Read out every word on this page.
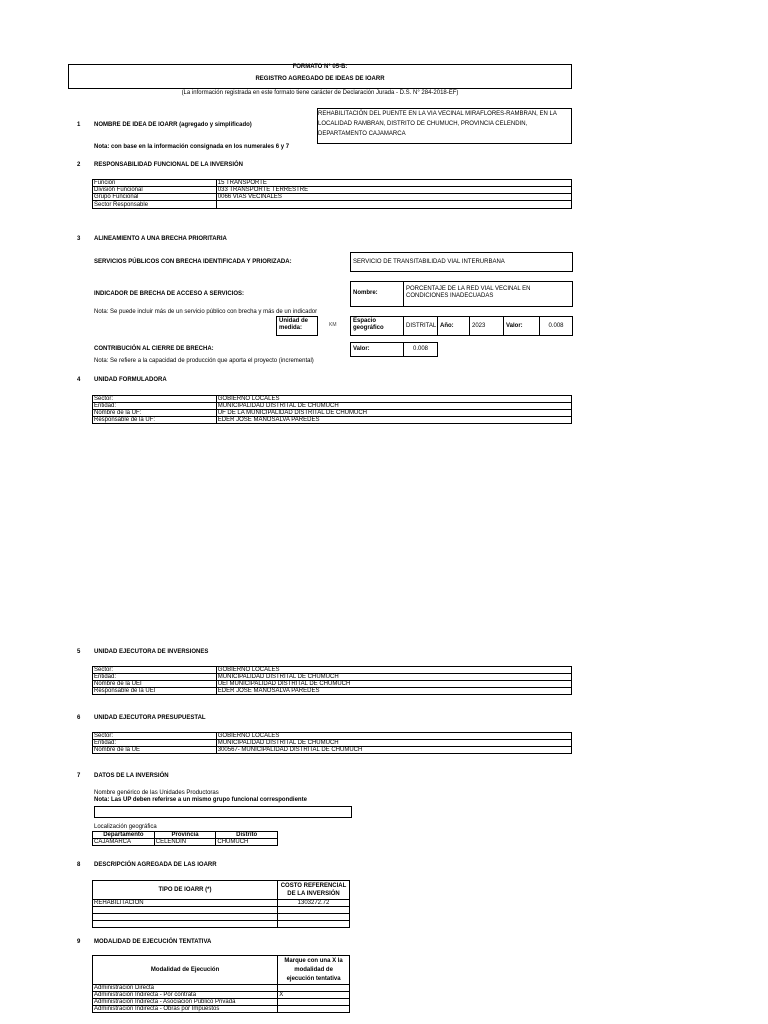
FORMATO N° 05-B:
REGISTRO AGREGADO DE IDEAS DE IOARR
(La información registrada en este formato tiene carácter de Declaración Jurada - D.S. N° 284-2018-EF)
1 NOMBRE DE IDEA DE IOARR (agregado y simplificado)
REHABILITACIÓN DEL PUENTE EN LA VIA VECINAL MIRAFLORES-RAMBRAN, EN LA
LOCALIDAD RAMBRAN, DISTRITO DE CHUMUCH, PROVINCIA CELENDIN,
DEPARTAMENTO CAJAMARCA
Nota: con base en la información consignada en los numerales 6 y 7
2 RESPONSABILIDAD FUNCIONAL DE LA INVERSIÓN
Función	15 TRANSPORTE
División Funcional	033 TRANSPORTE TERRESTRE
Grupo Funcional	0066 VIAS VECINALES
Sector Responsable	
3 ALINEAMIENTO A UNA BRECHA PRIORITARIA
SERVICIOS PÚBLICOS CON BRECHA IDENTIFICADA Y PRIORIZADA:	SERVICIO DE TRANSITABILIDAD VIAL INTERURBANA
INDICADOR DE BRECHA DE ACCESO A SERVICIOS:	Nombre:
PORCENTAJE DE LA RED VIAL VECINAL EN
CONDICIONES INADECUADAS
Nota: Se puede incluir más de un servicio público con brecha y más de un indicador
Unidad de
medida:	KM
Espacio
geográfico	DISTRITAL Año:	2023	Valor:	0.008
CONTRIBUCIÓN AL CIERRE DE BRECHA:	Valor:	0.008
Nota: Se refiere a la capacidad de producción que aporta el proyecto (incremental)
4 UNIDAD FORMULADORA
Sector:	GOBIERNO LOCALES
Entidad:	MUNICIPALIDAD DISTRITAL DE CHUMUCH
Nombre de la UF:	UF DE LA MUNICIPALIDAD DISTRITAL DE CHUMUCH
Responsable de la UF:	EDER JOSE MANOSALVA PAREDES
5 UNIDAD EJECUTORA DE INVERSIONES
Sector:	GOBIERNO LOCALES
Entidad:	MUNICIPALIDAD DISTRITAL DE CHUMUCH
Nombre de la UEI	UEI MUNICIPALIDAD DISTRITAL DE CHUMUCH
Responsable de la UEI	EDER JOSE MANOSALVA PAREDES
6 UNIDAD EJECUTORA PRESUPUESTAL
Sector:	GOBIERNO LOCALES
Entidad:	MUNICIPALIDAD DISTRITAL DE CHUMUCH
Nombre de la UE	300567- MUNICIPALIDAD DISTRITAL DE CHUMUCH
7 DATOS DE LA INVERSIÓN
Nombre genérico de las Unidades Productoras
Nota: Las UP deben referirse a un mismo grupo funcional correspondiente
Localización geográfica
Departamento	Provincia	Distrito
CAJAMARCA	CELENDIN	CHUMUCH
8 DESCRIPCIÓN AGREGADA DE LAS IOARR
TIPO DE IOARR (*)	COSTO REFERENCIAL
DE LA INVERSIÓN

REHABILITACION	1303272.72

9 MODALIDAD DE EJECUCIÓN TENTATIVA
Modalidad de Ejecución	Marque con una X la
modalidad de
ejecución tentativa

Administración Directa	
Administración Indirecta - Por contrata	X
Administración Indirecta - Asociación Público Privada	
Administración Indirecta - Obras por Impuestos	
